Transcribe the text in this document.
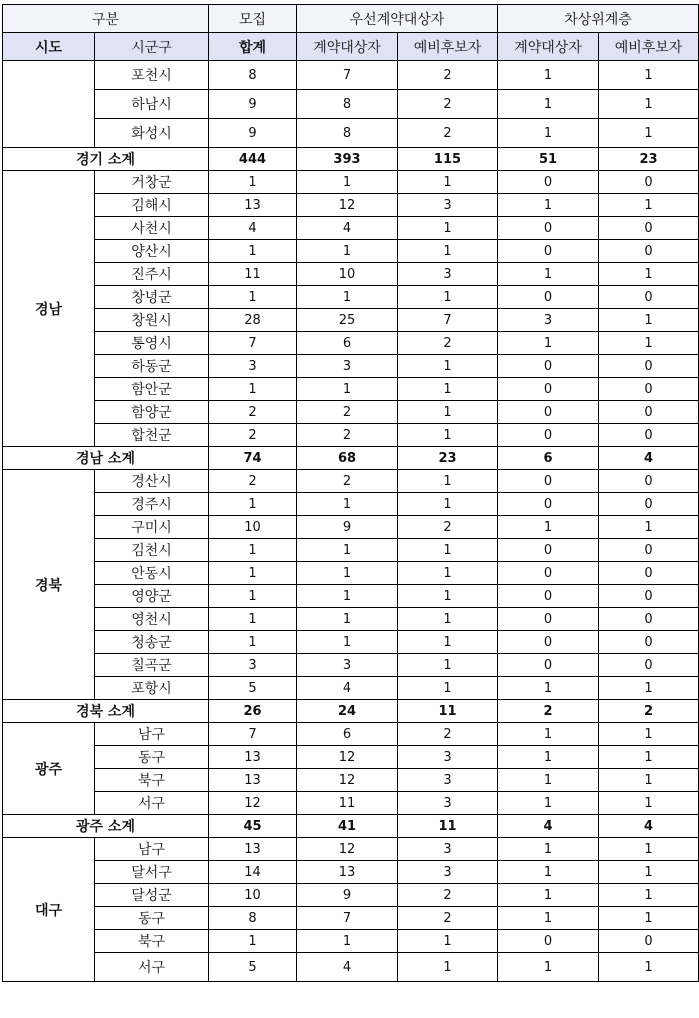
구분		모집	우선계약대상자		차상위계층	
시도	시군구	합계	계약대상자	예비후보자	계약대상자	예비후보자
	포천시	8	7	2	1	1
	하남시	9	8	2	1	1
	화성시	9	8	2	1	1
경기 소계		444	393	115	51	23
경남	거창군	1	1	1	0	0
	김해시	13	12	3	1	1
	사천시	4	4	1	0	0
	양산시	1	1	1	0	0
	진주시	11	10	3	1	1
	창녕군	1	1	1	0	0
	창원시	28	25	7	3	1
	통영시	7	6	2	1	1
	하동군	3	3	1	0	0
	함안군	1	1	1	0	0
	함양군	2	2	1	0	0
	합천군	2	2	1	0	0
경남 소계		74	68	23	6	4
경북	경산시	2	2	1	0	0
	경주시	1	1	1	0	0
	구미시	10	9	2	1	1
	김천시	1	1	1	0	0
	안동시	1	1	1	0	0
	영양군	1	1	1	0	0
	영천시	1	1	1	0	0
	청송군	1	1	1	0	0
	칠곡군	3	3	1	0	0
	포항시	5	4	1	1	1
경북 소계		26	24	11	2	2
광주	남구	7	6	2	1	1
	동구	13	12	3	1	1
	북구	13	12	3	1	1
	서구	12	11	3	1	1
광주 소계		45	41	11	4	4
대구	남구	13	12	3	1	1
	달서구	14	13	3	1	1
	달성군	10	9	2	1	1
	동구	8	7	2	1	1
	북구	1	1	1	0	0
	서구	5	4	1	1	1
